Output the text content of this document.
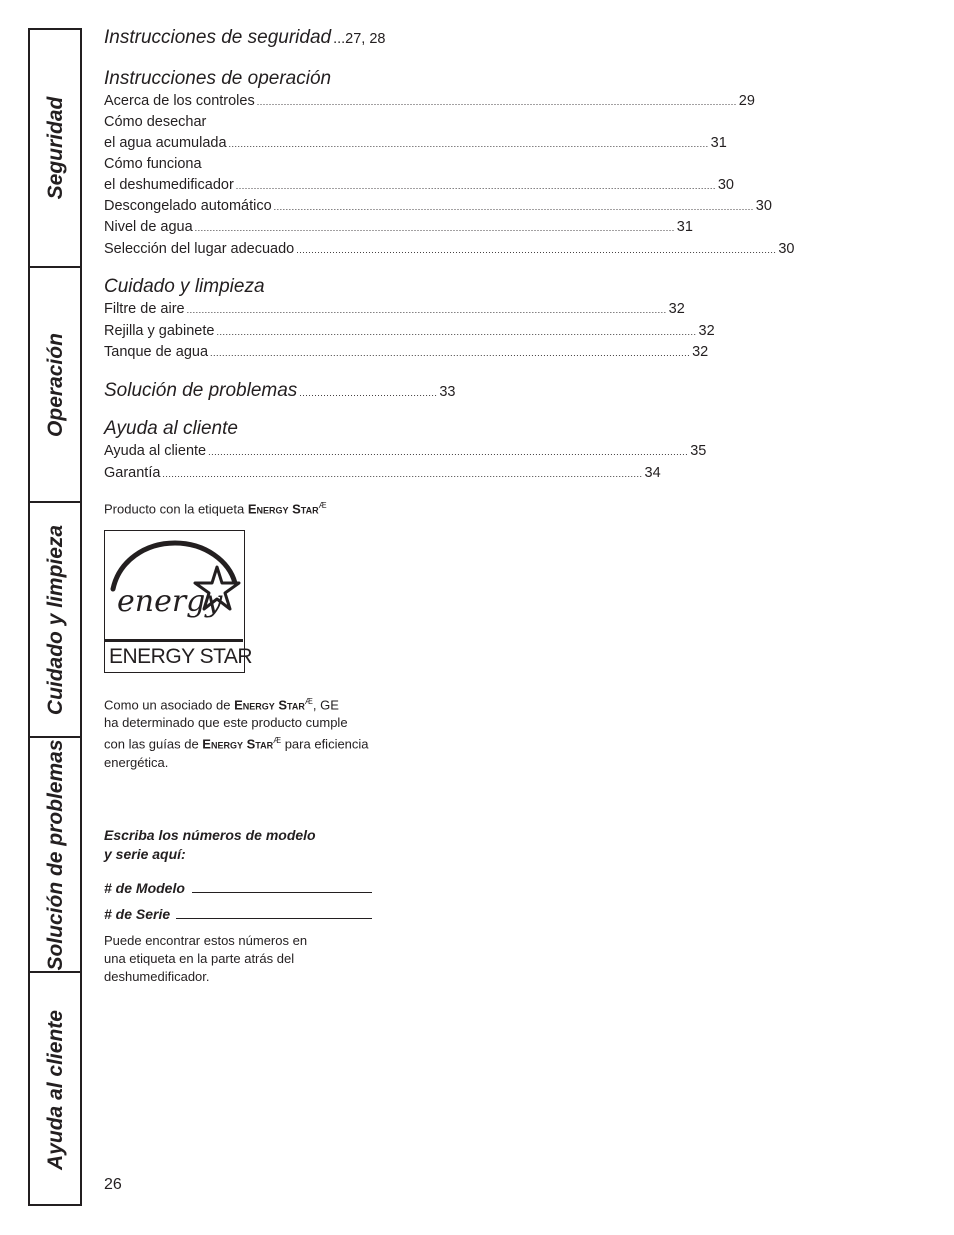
Seguridad
Operación
Cuidado y limpieza
Solución de problemas
Ayuda al cliente
Instrucciones de seguridad ...27, 28
Instrucciones de operación
Acerca de los controles .....	29
Cómo desechar
el agua acumulada .....	31
Cómo funciona
el deshumedificador .....	30
Descongelado automático .....	30
Nivel de agua .....	31
Selección del lugar adecuado .....	30
Cuidado y limpieza
Filtre de aire .....	32
Rejilla y gabinete .....	32
Tanque de agua .....	32
Solución de problemas .............................................. 33
Ayuda al cliente
Ayuda al cliente .....	35
Garantía .....	34
Producto con la etiqueta Energy Star$^Æ$
energy
ENERGY STAR
Como un asociado de Energy Star$^Æ$, GE
ha determinado que este producto cumple
con las guías de Energy Star$^Æ$ para eficiencia
energética.
Escriba los números de modelo
y serie aquí:
# de Modelo
# de Serie
Puede encontrar estos números en
una etiqueta en la parte atrás del
deshumedificador.
26
